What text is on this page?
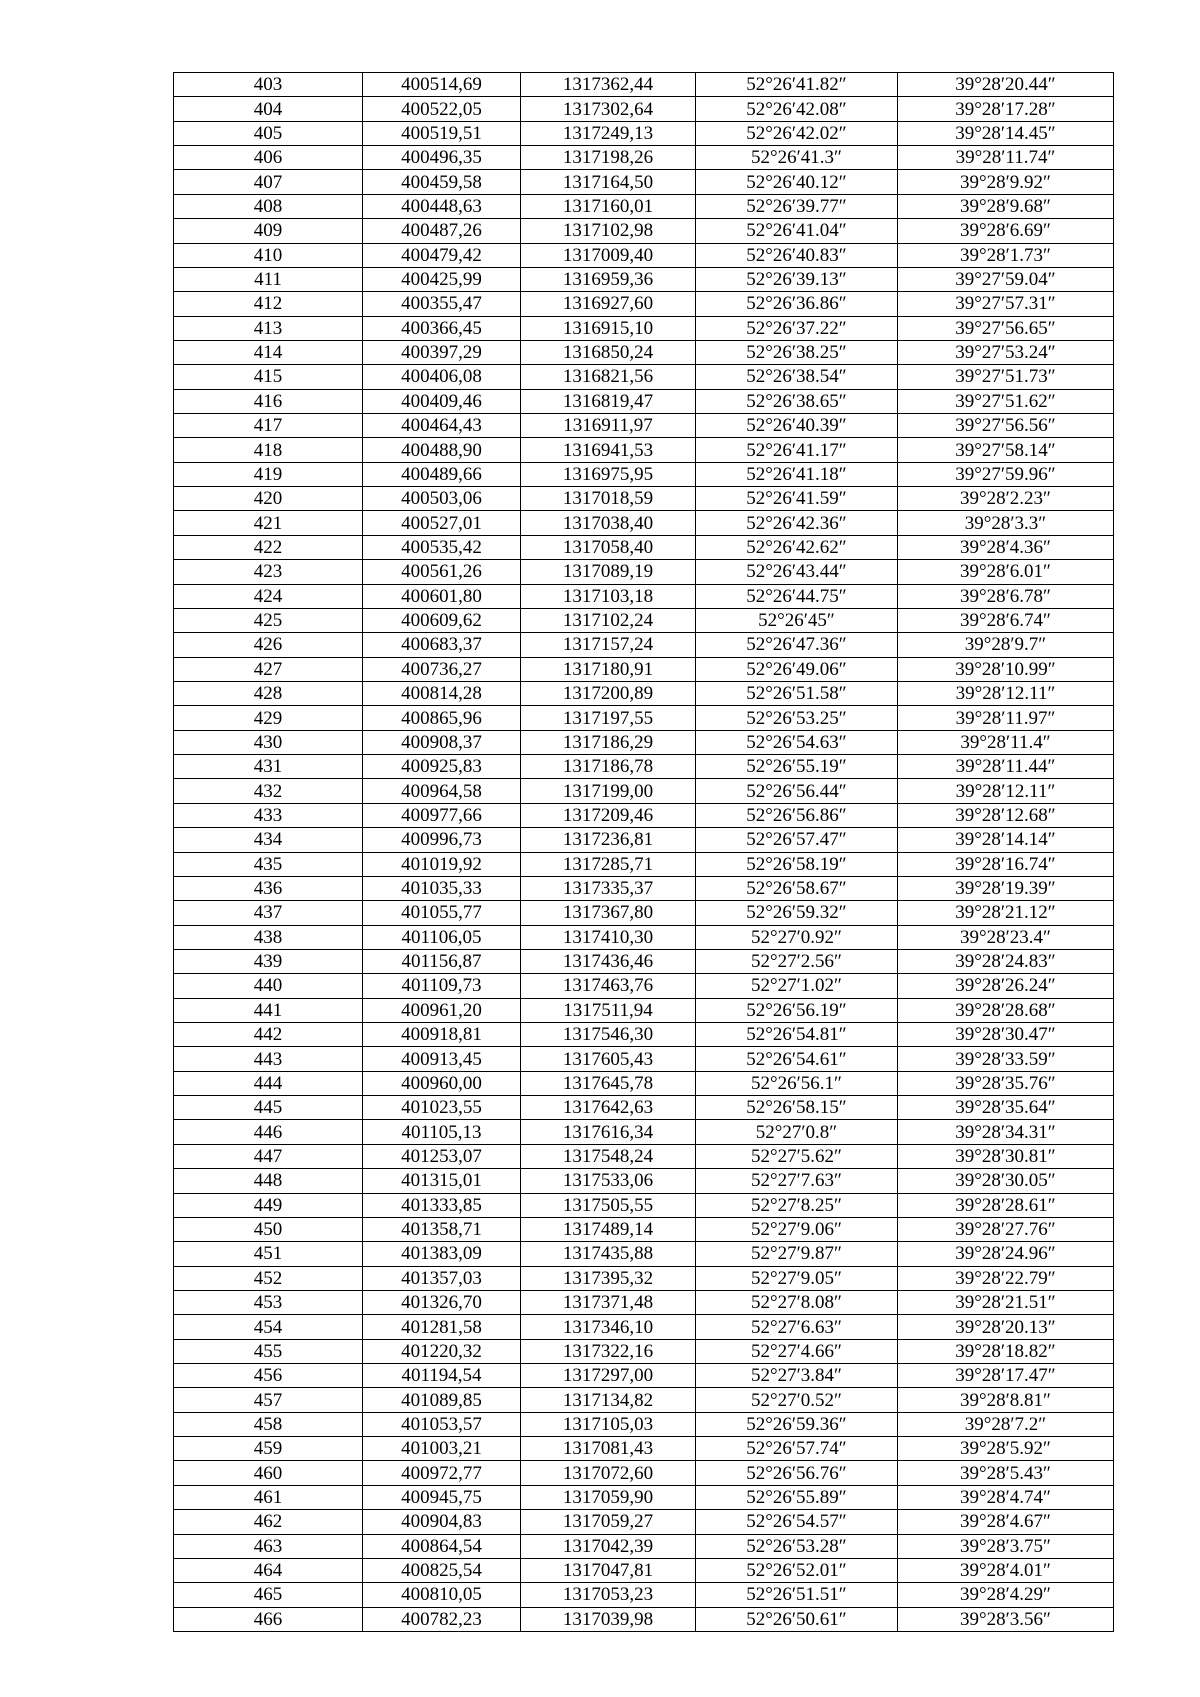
403	400514,69	1317362,44	52°26′41.82″	39°28′20.44″
404	400522,05	1317302,64	52°26′42.08″	39°28′17.28″
405	400519,51	1317249,13	52°26′42.02″	39°28′14.45″
406	400496,35	1317198,26	52°26′41.3″	39°28′11.74″
407	400459,58	1317164,50	52°26′40.12″	39°28′9.92″
408	400448,63	1317160,01	52°26′39.77″	39°28′9.68″
409	400487,26	1317102,98	52°26′41.04″	39°28′6.69″
410	400479,42	1317009,40	52°26′40.83″	39°28′1.73″
411	400425,99	1316959,36	52°26′39.13″	39°27′59.04″
412	400355,47	1316927,60	52°26′36.86″	39°27′57.31″
413	400366,45	1316915,10	52°26′37.22″	39°27′56.65″
414	400397,29	1316850,24	52°26′38.25″	39°27′53.24″
415	400406,08	1316821,56	52°26′38.54″	39°27′51.73″
416	400409,46	1316819,47	52°26′38.65″	39°27′51.62″
417	400464,43	1316911,97	52°26′40.39″	39°27′56.56″
418	400488,90	1316941,53	52°26′41.17″	39°27′58.14″
419	400489,66	1316975,95	52°26′41.18″	39°27′59.96″
420	400503,06	1317018,59	52°26′41.59″	39°28′2.23″
421	400527,01	1317038,40	52°26′42.36″	39°28′3.3″
422	400535,42	1317058,40	52°26′42.62″	39°28′4.36″
423	400561,26	1317089,19	52°26′43.44″	39°28′6.01″
424	400601,80	1317103,18	52°26′44.75″	39°28′6.78″
425	400609,62	1317102,24	52°26′45″	39°28′6.74″
426	400683,37	1317157,24	52°26′47.36″	39°28′9.7″
427	400736,27	1317180,91	52°26′49.06″	39°28′10.99″
428	400814,28	1317200,89	52°26′51.58″	39°28′12.11″
429	400865,96	1317197,55	52°26′53.25″	39°28′11.97″
430	400908,37	1317186,29	52°26′54.63″	39°28′11.4″
431	400925,83	1317186,78	52°26′55.19″	39°28′11.44″
432	400964,58	1317199,00	52°26′56.44″	39°28′12.11″
433	400977,66	1317209,46	52°26′56.86″	39°28′12.68″
434	400996,73	1317236,81	52°26′57.47″	39°28′14.14″
435	401019,92	1317285,71	52°26′58.19″	39°28′16.74″
436	401035,33	1317335,37	52°26′58.67″	39°28′19.39″
437	401055,77	1317367,80	52°26′59.32″	39°28′21.12″
438	401106,05	1317410,30	52°27′0.92″	39°28′23.4″
439	401156,87	1317436,46	52°27′2.56″	39°28′24.83″
440	401109,73	1317463,76	52°27′1.02″	39°28′26.24″
441	400961,20	1317511,94	52°26′56.19″	39°28′28.68″
442	400918,81	1317546,30	52°26′54.81″	39°28′30.47″
443	400913,45	1317605,43	52°26′54.61″	39°28′33.59″
444	400960,00	1317645,78	52°26′56.1″	39°28′35.76″
445	401023,55	1317642,63	52°26′58.15″	39°28′35.64″
446	401105,13	1317616,34	52°27′0.8″	39°28′34.31″
447	401253,07	1317548,24	52°27′5.62″	39°28′30.81″
448	401315,01	1317533,06	52°27′7.63″	39°28′30.05″
449	401333,85	1317505,55	52°27′8.25″	39°28′28.61″
450	401358,71	1317489,14	52°27′9.06″	39°28′27.76″
451	401383,09	1317435,88	52°27′9.87″	39°28′24.96″
452	401357,03	1317395,32	52°27′9.05″	39°28′22.79″
453	401326,70	1317371,48	52°27′8.08″	39°28′21.51″
454	401281,58	1317346,10	52°27′6.63″	39°28′20.13″
455	401220,32	1317322,16	52°27′4.66″	39°28′18.82″
456	401194,54	1317297,00	52°27′3.84″	39°28′17.47″
457	401089,85	1317134,82	52°27′0.52″	39°28′8.81″
458	401053,57	1317105,03	52°26′59.36″	39°28′7.2″
459	401003,21	1317081,43	52°26′57.74″	39°28′5.92″
460	400972,77	1317072,60	52°26′56.76″	39°28′5.43″
461	400945,75	1317059,90	52°26′55.89″	39°28′4.74″
462	400904,83	1317059,27	52°26′54.57″	39°28′4.67″
463	400864,54	1317042,39	52°26′53.28″	39°28′3.75″
464	400825,54	1317047,81	52°26′52.01″	39°28′4.01″
465	400810,05	1317053,23	52°26′51.51″	39°28′4.29″
466	400782,23	1317039,98	52°26′50.61″	39°28′3.56″
